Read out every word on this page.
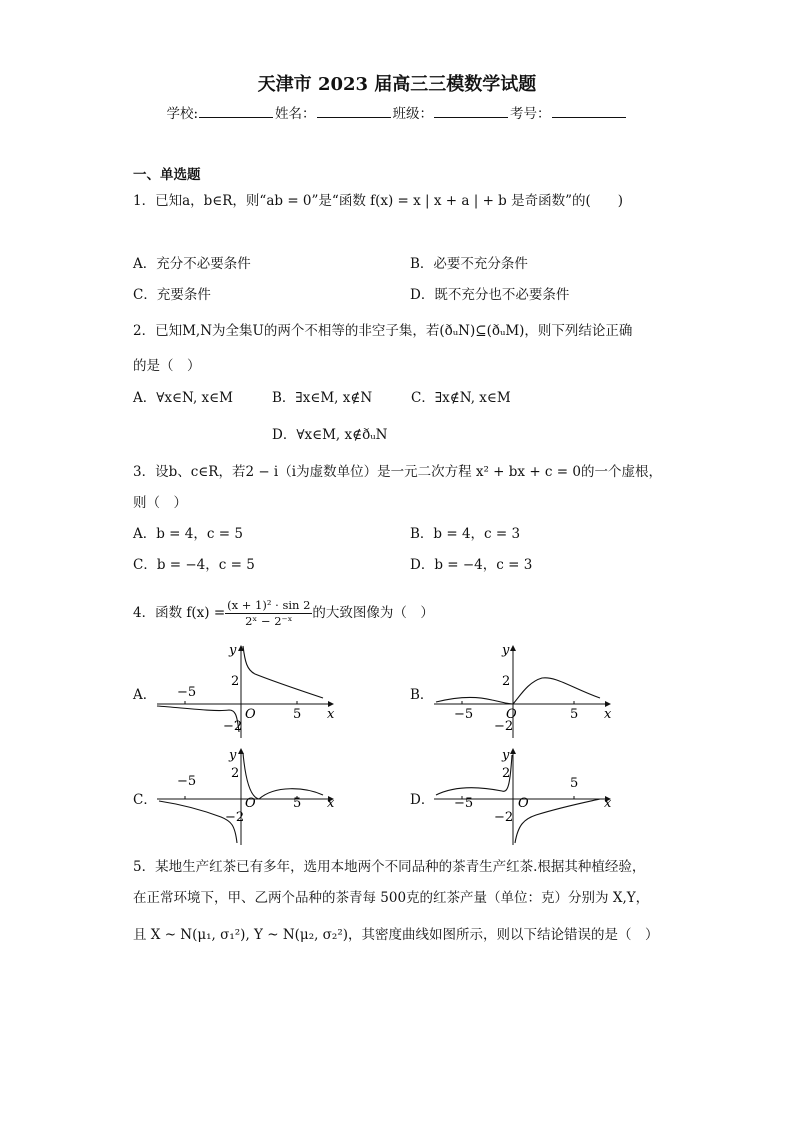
天津市 2023 届高三三模数学试题
学校:	姓名：	班级：	考号：
一、单选题
1．已知a，b∈R，则“ab = 0”是“函数 f(x) = x | x + a | + b 是奇函数”的(　　)
A．充分不必要条件	B．必要不充分条件
C．充要条件	D．既不充分也不必要条件
2．已知M,N为全集U的两个不相等的非空子集，若(ðᵤN)⊆(ðᵤM)，则下列结论正确
的是（　）
A．∀x∈N, x∈M	B．∃x∈M, x∉N	C．∃x∉N, x∈M
D．∀x∈M, x∉ðᵤN
3．设b、c∈R，若2 − i（i为虚数单位）是一元二次方程 x² + bx + c = 0的一个虚根，
则（　）
A．b = 4，c = 5	B．b = 4，c = 3
C．b = −4，c = 5	D．b = −4，c = 3
4．函数 $f(x) = \frac{\text{(x + 1)² · sin 2}}{\text{2ˣ − 2⁻ˣ}}$ 的大致图像为（　）
A．	B．
C．	D．
−5
5
2
−2
O	x
y
−5	5
2
−2
O	x
y
−5
5
2
−2
O	x
y
−5
5
2
−2
O	x
y
5．某地生产红茶已有多年，选用本地两个不同品种的茶青生产红茶.根据其种植经验，
在正常环境下，甲、乙两个品种的茶青每 500克的红茶产量（单位：克）分别为 X,Y，
且 X ~ N(μ₁, σ₁²), Y ~ N(μ₂, σ₂²)，其密度曲线如图所示，则以下结论错误的是（　）
